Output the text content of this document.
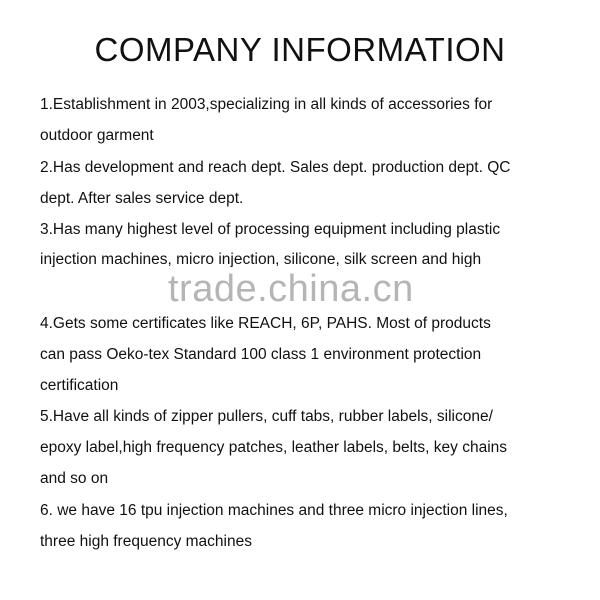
COMPANY INFORMATION
1.Establishment in 2003,specializing in all kinds of accessories for
outdoor garment
2.Has development and reach dept. Sales dept. production dept. QC
dept. After sales service dept.
3.Has many highest level of processing equipment including plastic
injection machines, micro injection, silicone, silk screen and high
trade.china.cn
4.Gets some certificates like REACH, 6P, PAHS. Most of products
can pass Oeko-tex Standard 100 class 1 environment protection
certification
5.Have all kinds of zipper pullers, cuff tabs, rubber labels, silicone/
epoxy label,high frequency patches, leather labels, belts, key chains
and so on
6. we have 16 tpu injection machines and three micro injection lines,
three high frequency machines
